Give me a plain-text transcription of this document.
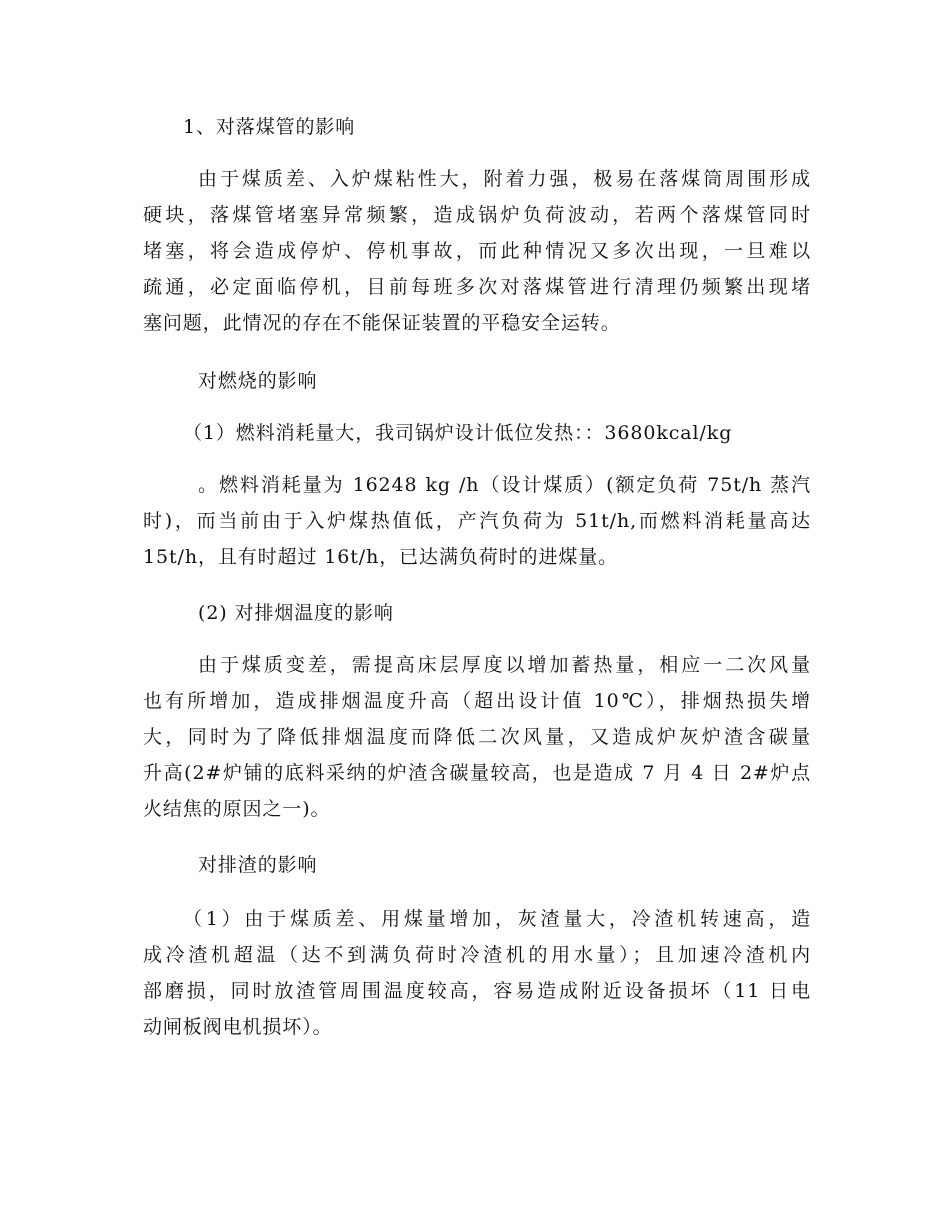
1、对落煤管的影响
由于煤质差、入炉煤粘性大，附着力强，极易在落煤筒周围形成
硬块，落煤管堵塞异常频繁，造成锅炉负荷波动，若两个落煤管同时
堵塞，将会造成停炉、停机事故，而此种情况又多次出现，一旦难以
疏通，必定面临停机，目前每班多次对落煤管进行清理仍频繁出现堵
塞问题，此情况的存在不能保证装置的平稳安全运转。
对燃烧的影响
（1）燃料消耗量大，我司锅炉设计低位发热：：3680kcal/kg
。燃料消耗量为 16248 kg /h（设计煤质）(额定负荷 75t/h 蒸汽
时)，而当前由于入炉煤热值低，产汽负荷为 51t/h,而燃料消耗量高达
15t/h，且有时超过 16t/h，已达满负荷时的进煤量。
(2) 对排烟温度的影响
由于煤质变差，需提高床层厚度以增加蓄热量，相应一二次风量
也有所增加，造成排烟温度升高（超出设计值 10℃），排烟热损失增
大，同时为了降低排烟温度而降低二次风量，又造成炉灰炉渣含碳量
升高(2#炉铺的底料采纳的炉渣含碳量较高，也是造成 7 月 4 日 2#炉点
火结焦的原因之一)。
对排渣的影响
（1）由于煤质差、用煤量增加，灰渣量大，冷渣机转速高，造
成冷渣机超温（达不到满负荷时冷渣机的用水量）；且加速冷渣机内
部磨损，同时放渣管周围温度较高，容易造成附近设备损坏（11 日电
动闸板阀电机损坏）。
